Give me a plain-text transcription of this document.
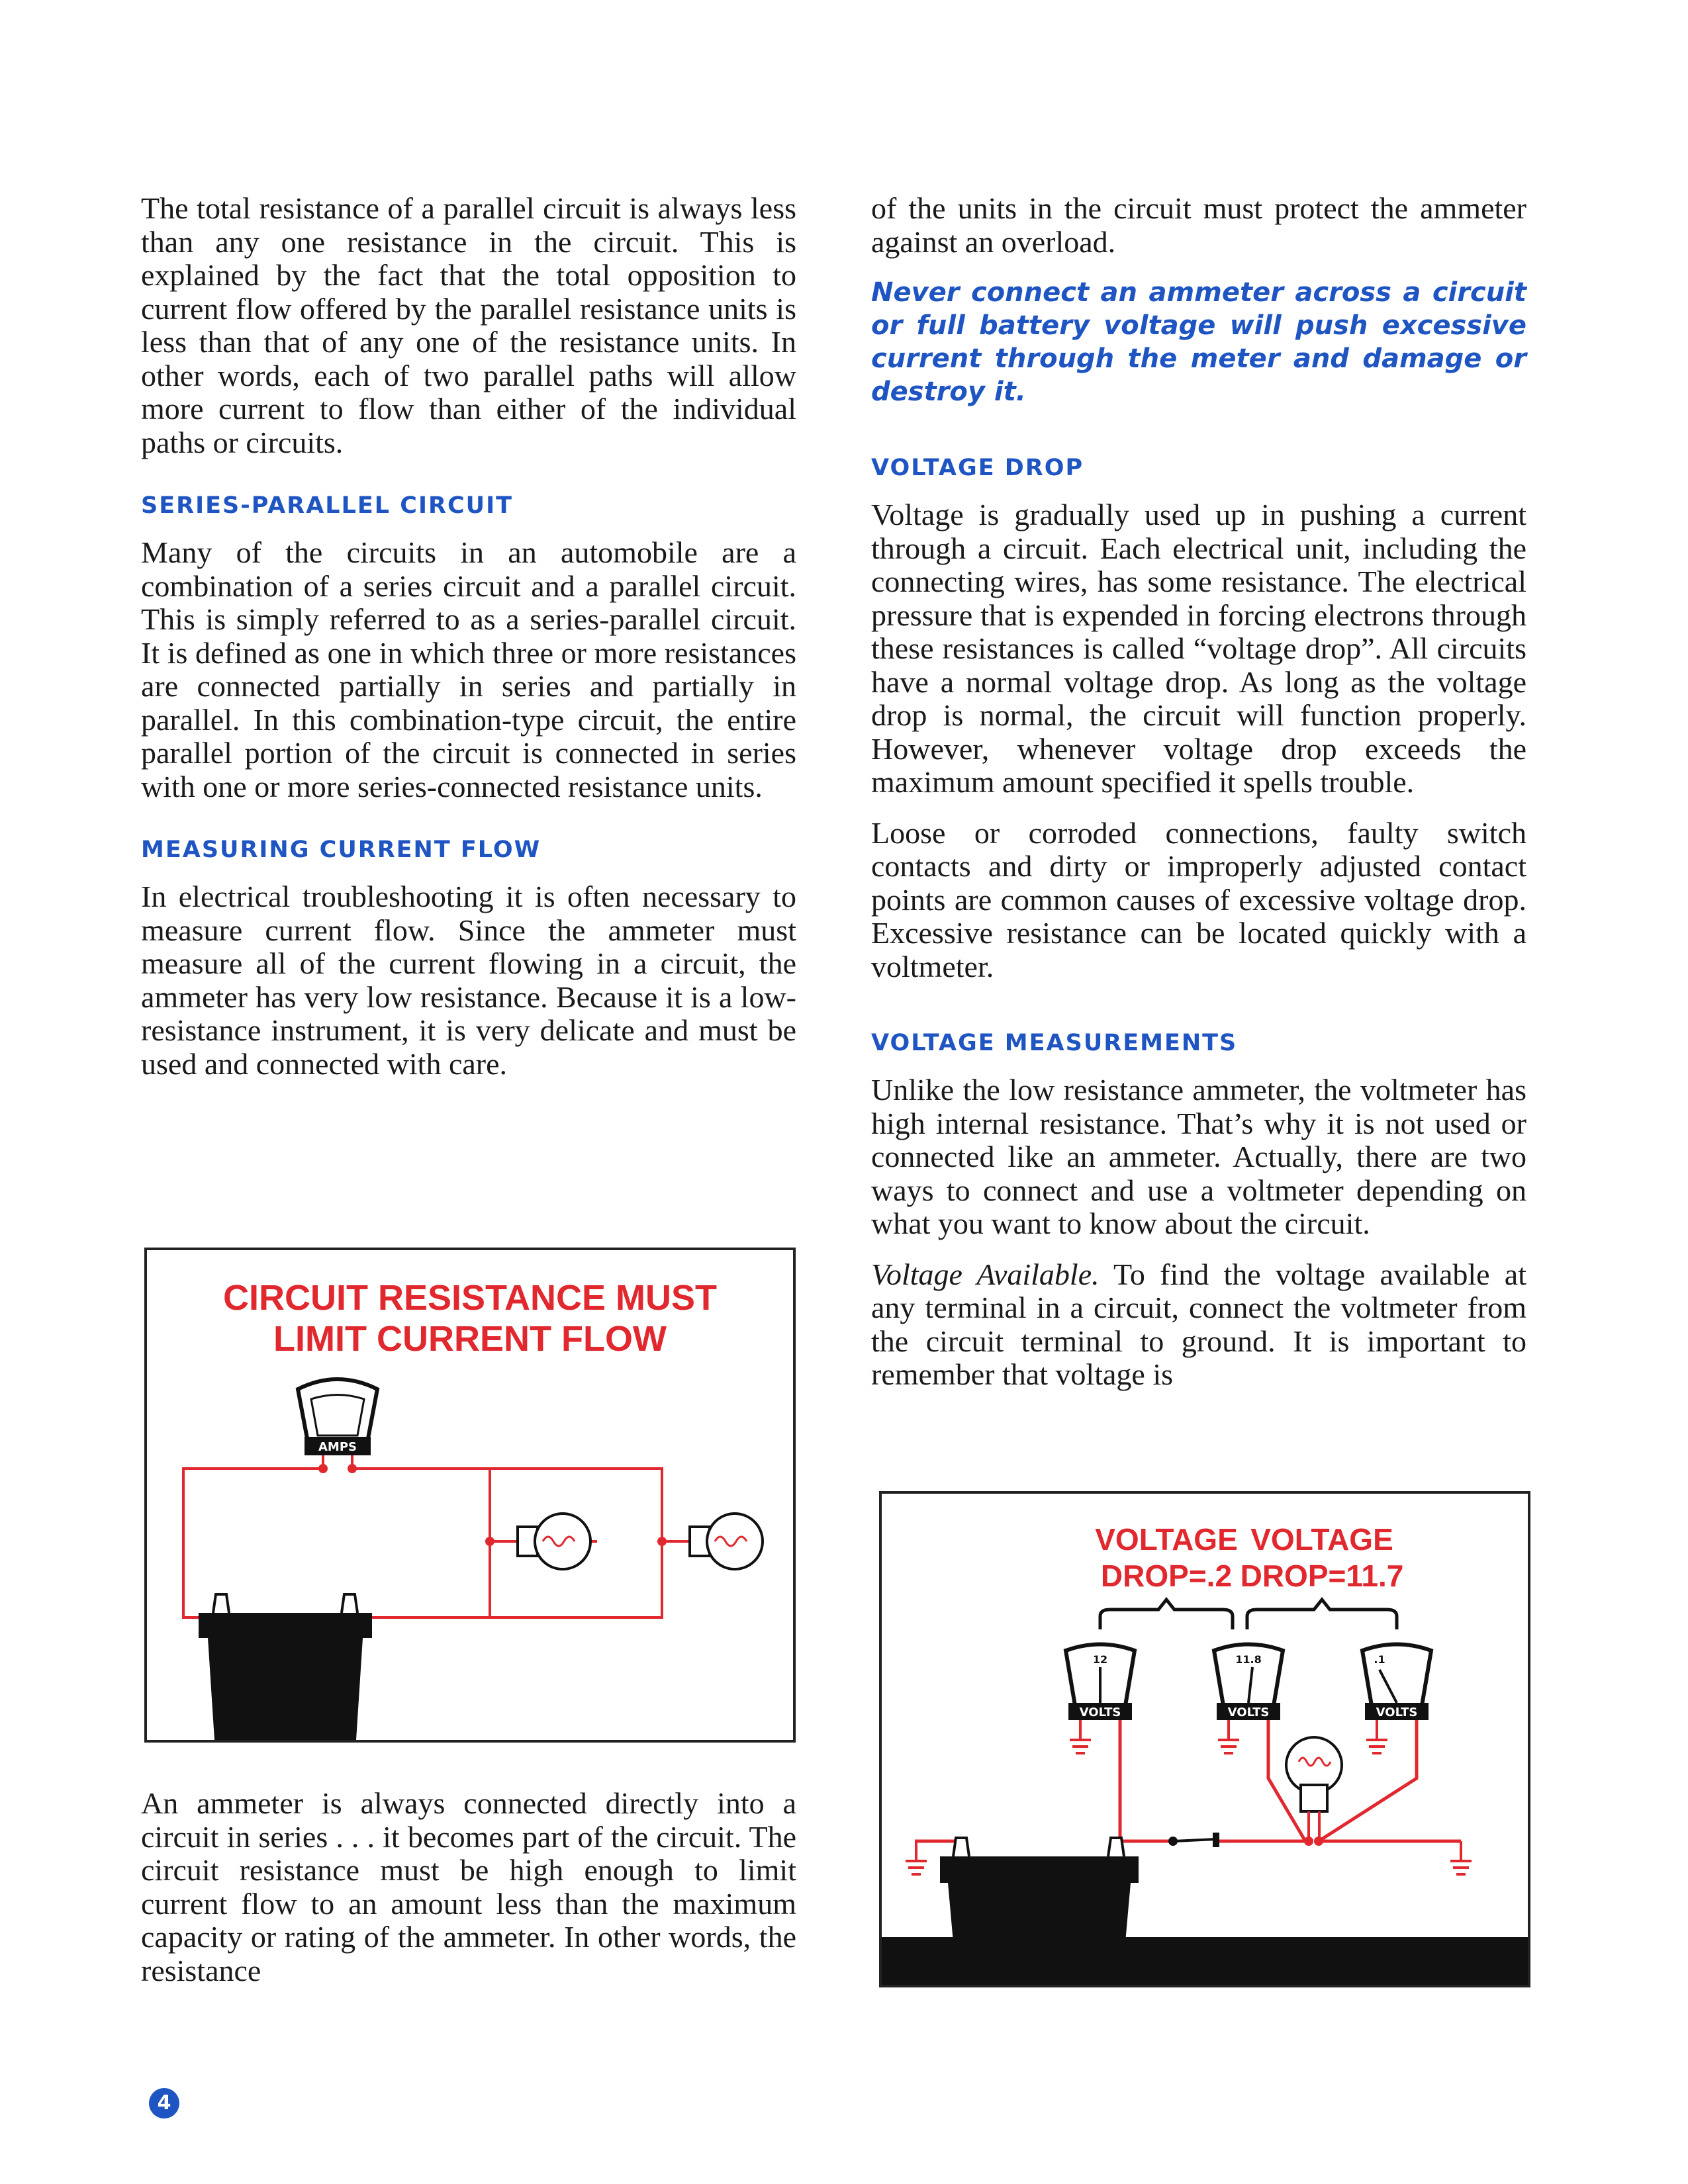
The total resistance of a parallel circuit is always less than any one resistance in the circuit. This is explained by the fact that the total opposition to current flow offered by the parallel resistance units is less than that of any one of the resistance units. In other words, each of two parallel paths will allow more current to flow than either of the individual paths or circuits.

SERIES-PARALLEL CIRCUIT

Many of the circuits in an automobile are a combination of a series circuit and a parallel circuit. This is simply referred to as a series-parallel circuit. It is defined as one in which three or more resistances are connected partially in series and partially in parallel. In this combination-type circuit, the entire parallel portion of the circuit is connected in series with one or more series-connected resistance units.

MEASURING CURRENT FLOW

In electrical troubleshooting it is often necessary to measure current flow. Since the ammeter must measure all of the current flowing in a circuit, the ammeter has very low resistance. Because it is a low-resistance instrument, it is very delicate and must be used and connected with care.

An ammeter is always connected directly into a circuit in series . . . it becomes part of the circuit. The circuit resistance must be high enough to limit current flow to an amount less than the maximum capacity or rating of the ammeter. In other words, the resistance

of the units in the circuit must protect the ammeter against an overload.

Never connect an ammeter across a circuit or full battery voltage will push excessive current through the meter and damage or destroy it.
VOLTAGE DROP

Voltage is gradually used up in pushing a current through a circuit. Each electrical unit, including the connecting wires, has some resistance. The electrical pressure that is expended in forcing electrons through these resistances is called “voltage drop”. All circuits have a normal voltage drop. As long as the voltage drop is normal, the circuit will function properly. However, whenever voltage drop exceeds the maximum amount specified it spells trouble.

Loose or corroded connections, faulty switch contacts and dirty or improperly adjusted contact points are common causes of excessive voltage drop. Excessive resistance can be located quickly with a voltmeter.

VOLTAGE MEASUREMENTS

Unlike the low resistance ammeter, the voltmeter has high internal resistance. That’s why it is not used or connected like an ammeter. Actually, there are two ways to connect and use a voltmeter depending on what you want to know about the circuit.

Voltage Available. To find the voltage available at any terminal in a circuit, connect the voltmeter from the circuit terminal to ground. It is important to remember that voltage is

CIRCUIT RESISTANCE MUST
LIMIT CURRENT FLOW
AMPS
VOLTAGE
DROP=.2
VOLTAGE
DROP=11.7
12
VOLTS
11.8
VOLTS
.1
VOLTS
4
